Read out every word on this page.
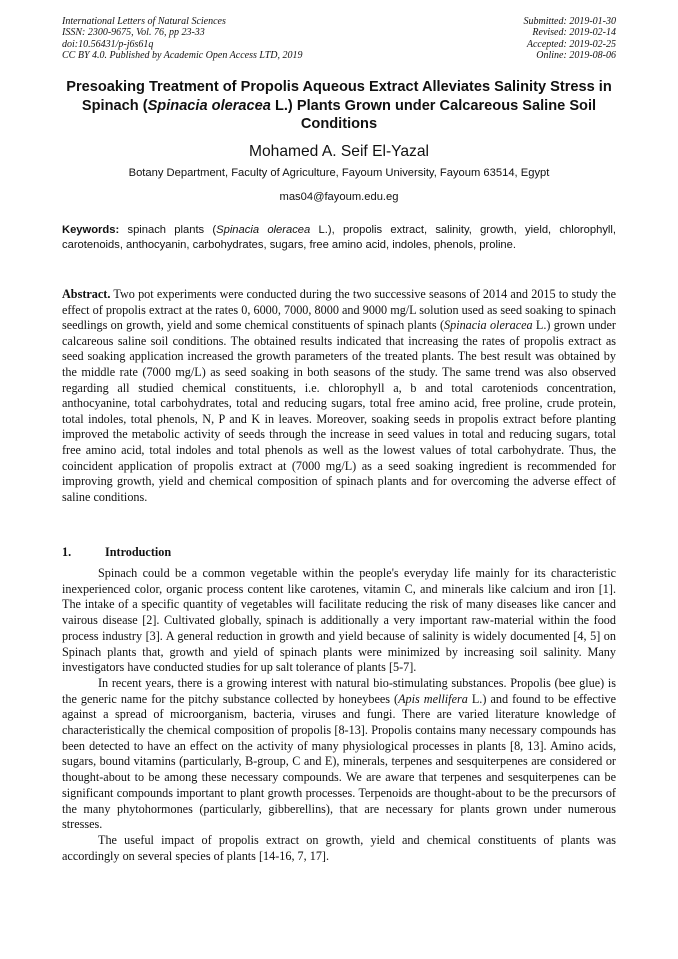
International Letters of Natural Sciences
ISSN: 2300-9675, Vol. 76, pp 23-33
doi:10.56431/p-j6s61q
CC BY 4.0. Published by Academic Open Access LTD, 2019
Submitted: 2019-01-30
Revised: 2019-02-14
Accepted: 2019-02-25
Online: 2019-08-06
Presoaking Treatment of Propolis Aqueous Extract Alleviates Salinity Stress in Spinach (Spinacia oleracea L.) Plants Grown under Calcareous Saline Soil Conditions
Mohamed A. Seif El-Yazal
Botany Department, Faculty of Agriculture, Fayoum University, Fayoum 63514, Egypt
mas04@fayoum.edu.eg
Keywords: spinach plants (Spinacia oleracea L.), propolis extract, salinity, growth, yield, chlorophyll, carotenoids, anthocyanin, carbohydrates, sugars, free amino acid, indoles, phenols, proline.
Abstract. Two pot experiments were conducted during the two successive seasons of 2014 and 2015 to study the effect of propolis extract at the rates 0, 6000, 7000, 8000 and 9000 mg/L solution used as seed soaking to spinach seedlings on growth, yield and some chemical constituents of spinach plants (Spinacia oleracea L.) grown under calcareous saline soil conditions. The obtained results indicated that increasing the rates of propolis extract as seed soaking application increased the growth parameters of the treated plants. The best result was obtained by the middle rate (7000 mg/L) as seed soaking in both seasons of the study. The same trend was also observed regarding all studied chemical constituents, i.e. chlorophyll a, b and total caroteniods concentration, anthocyanine, total carbohydrates, total and reducing sugars, total free amino acid, free proline, crude protein, total indoles, total phenols, N, P and K in leaves. Moreover, soaking seeds in propolis extract before planting improved the metabolic activity of seeds through the increase in seed values in total and reducing sugars, total free amino acid, total indoles and total phenols as well as the lowest values of total carbohydrate. Thus, the coincident application of propolis extract at (7000 mg/L) as a seed soaking ingredient is recommended for improving growth, yield and chemical composition of spinach plants and for overcoming the adverse effect of saline conditions.
1.	Introduction

Spinach could be a common vegetable within the people's everyday life mainly for its characteristic inexperienced color, organic process content like carotenes, vitamin C, and minerals like calcium and iron [1]. The intake of a specific quantity of vegetables will facilitate reducing the risk of many diseases like cancer and vairous disease [2]. Cultivated globally, spinach is additionally a very important raw-material within the food process industry [3]. A general reduction in growth and yield because of salinity is widely documented [4, 5] on Spinach plants that, growth and yield of spinach plants were minimized by increasing soil salinity. Many investigators have conducted studies for up salt tolerance of plants [5-7].

In recent years, there is a growing interest with natural bio-stimulating substances. Propolis (bee glue) is the generic name for the pitchy substance collected by honeybees (Apis mellifera L.) and found to be effective against a spread of microorganism, bacteria, viruses and fungi. There are varied literature knowledge of characteristically the chemical composition of propolis [8-13]. Propolis contains many necessary compounds has been detected to have an effect on the activity of many physiological processes in plants [8, 13]. Amino acids, sugars, bound vitamins (particularly, B-group, C and E), minerals, terpenes and sesquiterpenes are considered or thought-about to be among these necessary compounds. We are aware that terpenes and sesquiterpenes can be significant compounds important to plant growth processes. Terpenoids are thought-about to be the precursors of the many phytohormones (particularly, gibberellins), that are necessary for plants grown under numerous stresses.

The useful impact of propolis extract on growth, yield and chemical constituents of plants was accordingly on several species of plants [14-16, 7, 17].
